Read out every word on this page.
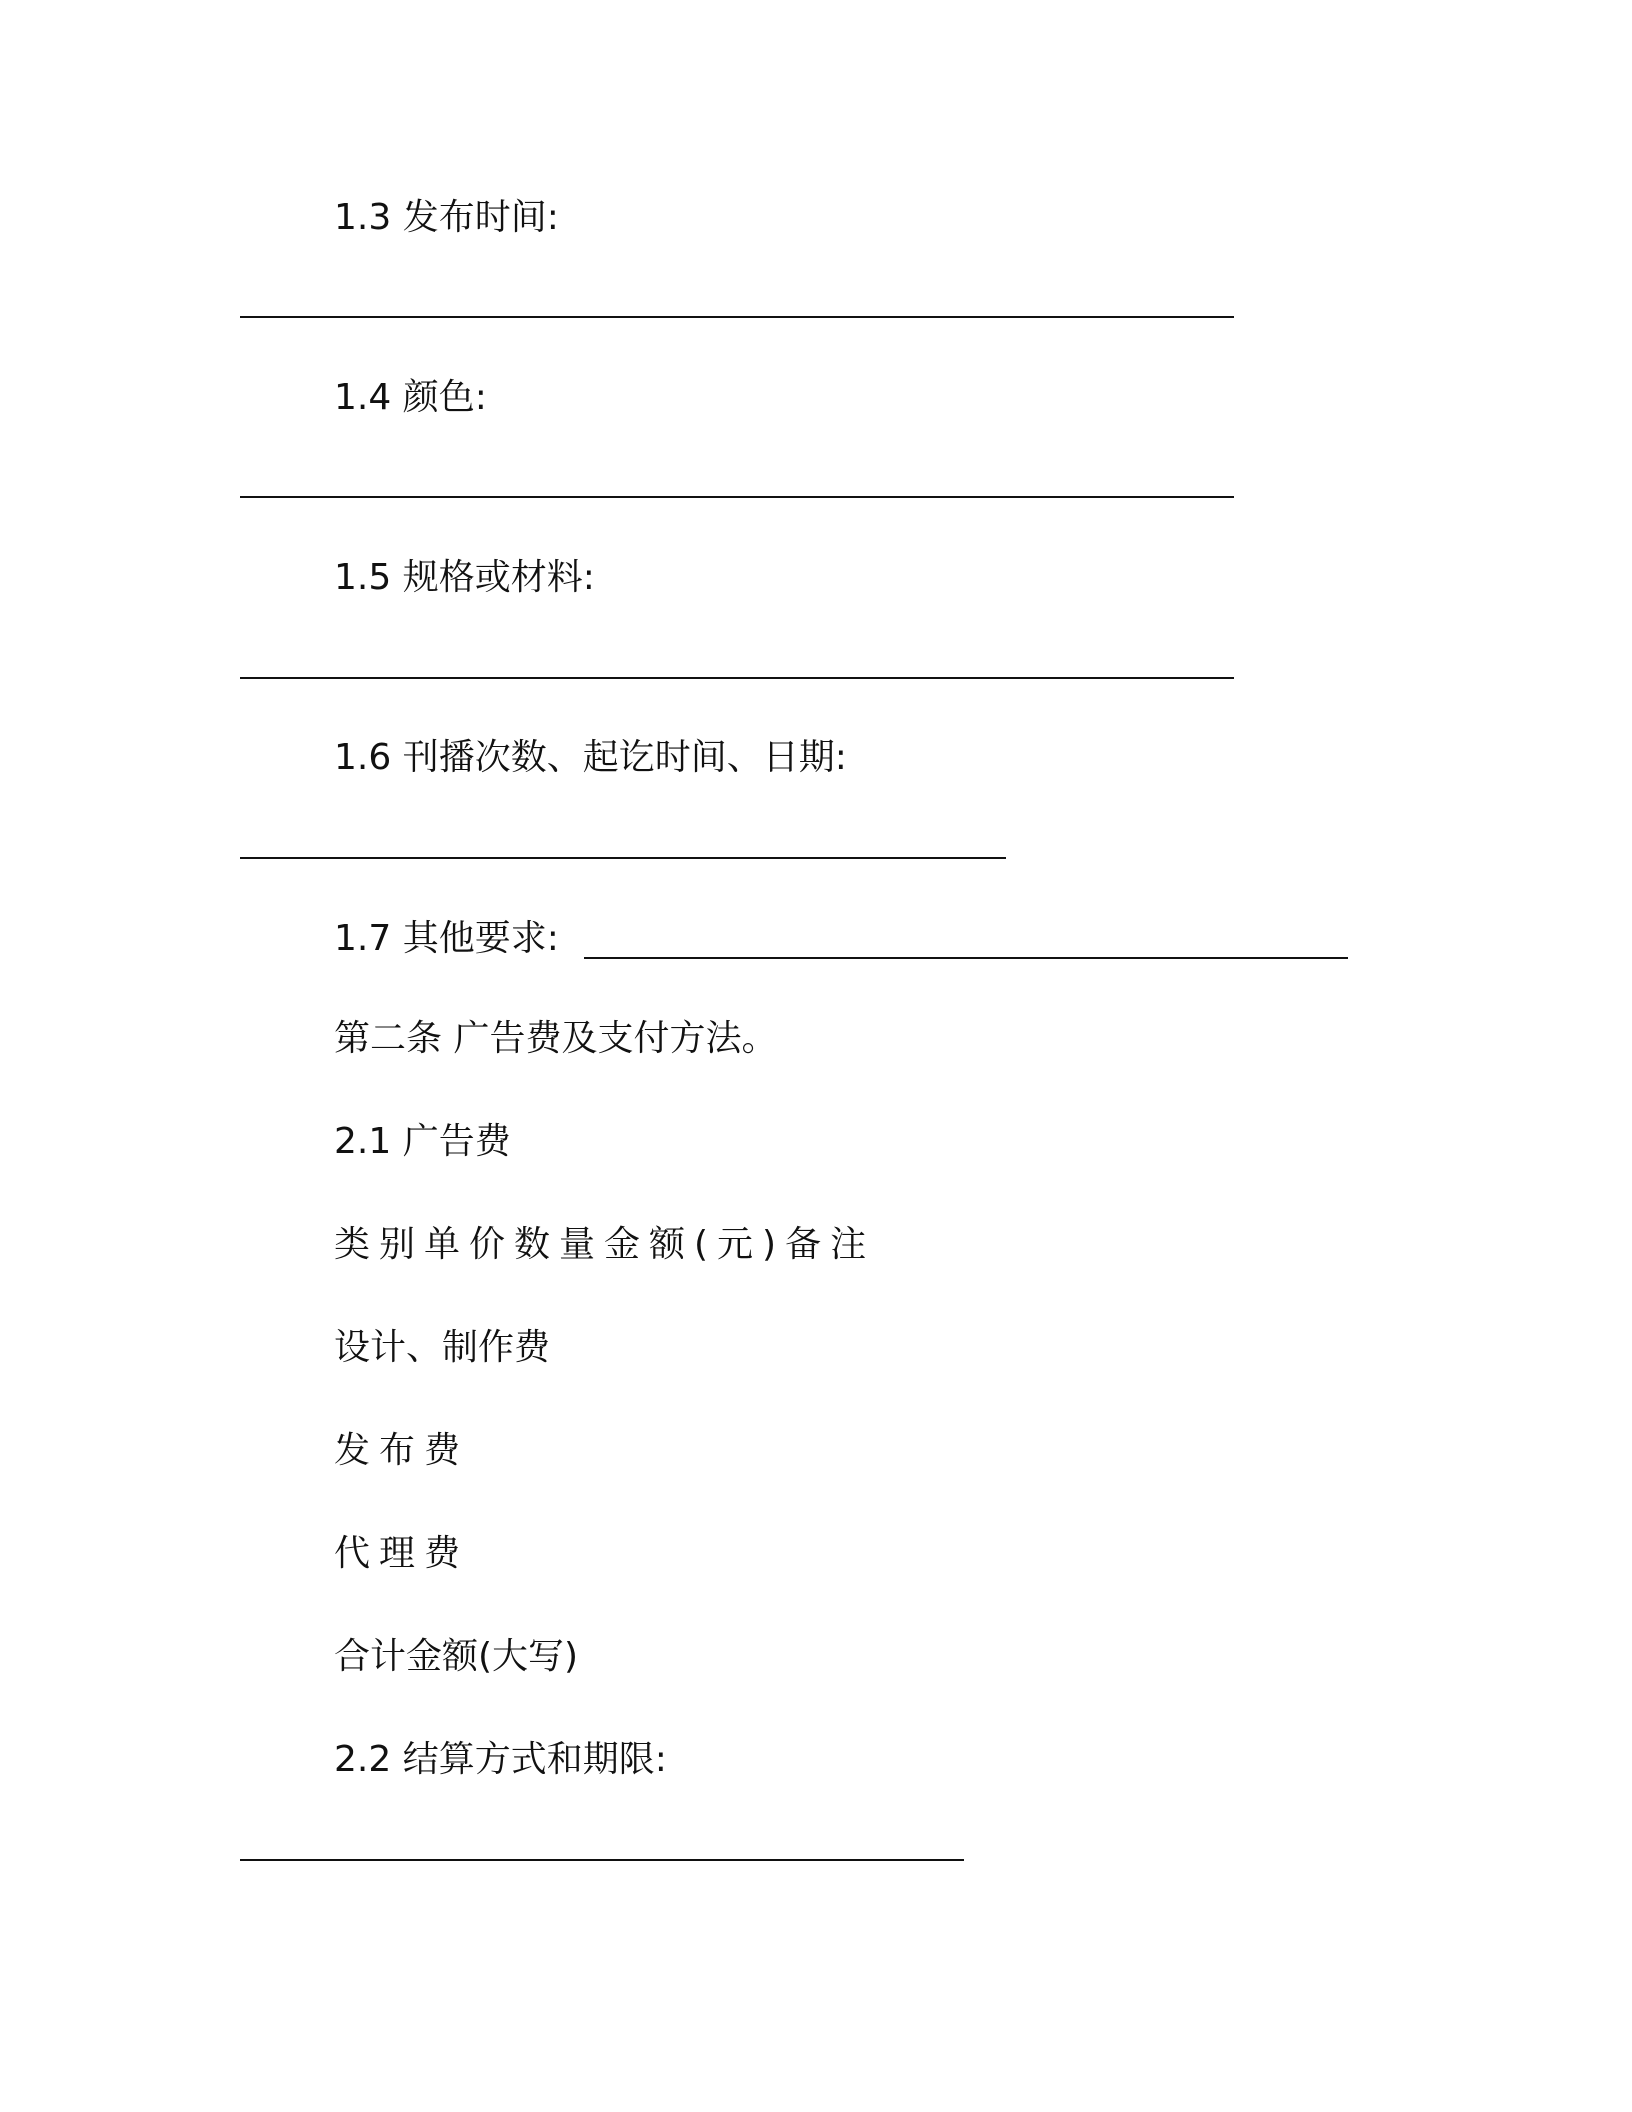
1.3 发布时间:
1.4 颜色:
1.5 规格或材料:
1.6 刊播次数、起讫时间、日期:
1.7 其他要求:
第二条 广告费及支付方法。
2.1 广告费
类别单价数量金额(元)备注
设计、制作费
发布费
代理费
合计金额(大写)
2.2 结算方式和期限:
